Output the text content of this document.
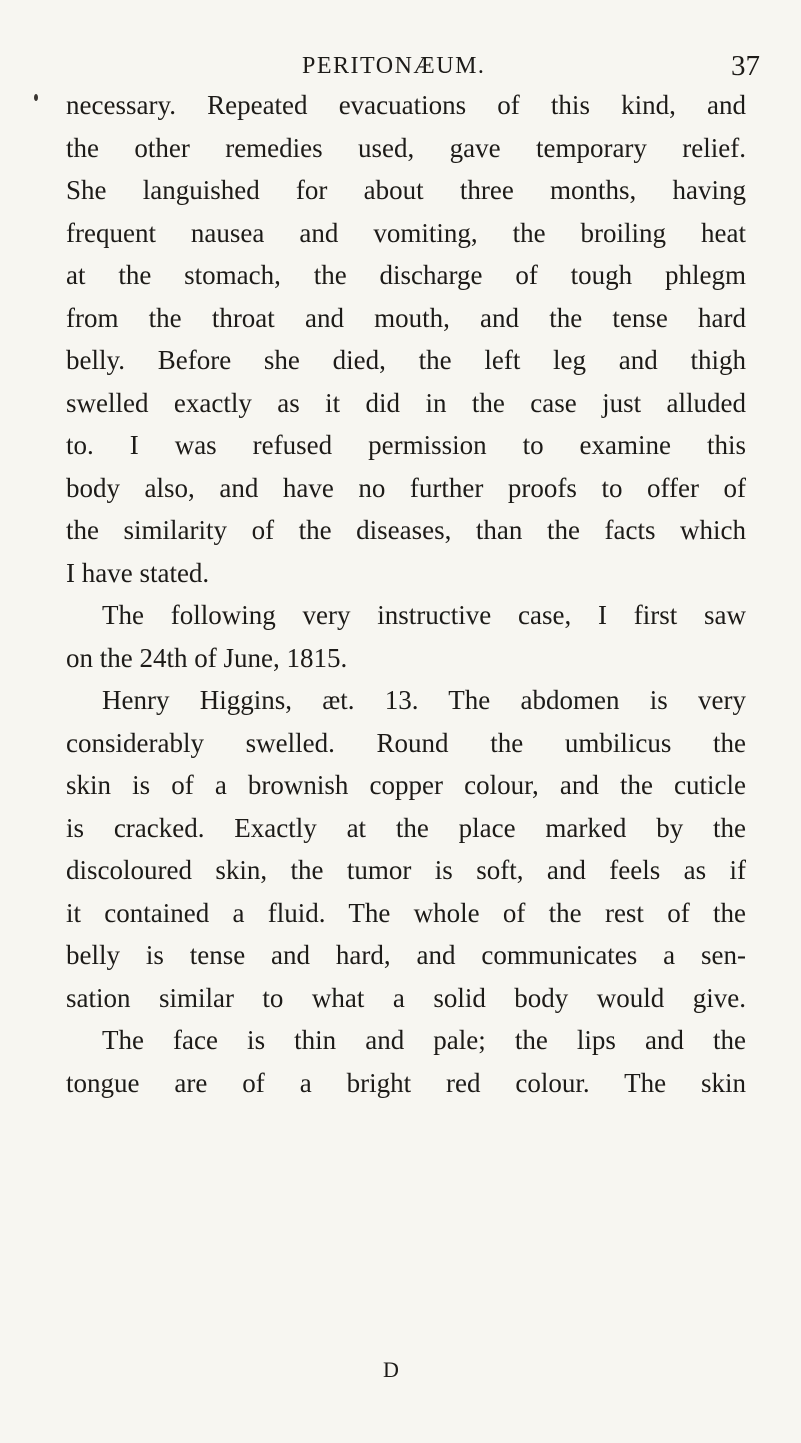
PERITONÆUM.	37
necessary. Repeated evacuations of this kind, and
the other remedies used, gave temporary relief.
She languished for about three months, having
frequent nausea and vomiting, the broiling heat
at the stomach, the discharge of tough phlegm
from the throat and mouth, and the tense hard
belly. Before she died, the left leg and thigh
swelled exactly as it did in the case just alluded
to. I was refused permission to examine this
body also, and have no further proofs to offer of
the similarity of the diseases, than the facts which
I have stated.
The following very instructive case, I first saw
on the 24th of June, 1815.
Henry Higgins, æt. 13. The abdomen is very
considerably swelled. Round the umbilicus the
skin is of a brownish copper colour, and the cuticle
is cracked. Exactly at the place marked by the
discoloured skin, the tumor is soft, and feels as if
it contained a fluid. The whole of the rest of the
belly is tense and hard, and communicates a sen-
sation similar to what a solid body would give.
The face is thin and pale; the lips and the
tongue are of a bright red colour. The skin
D
